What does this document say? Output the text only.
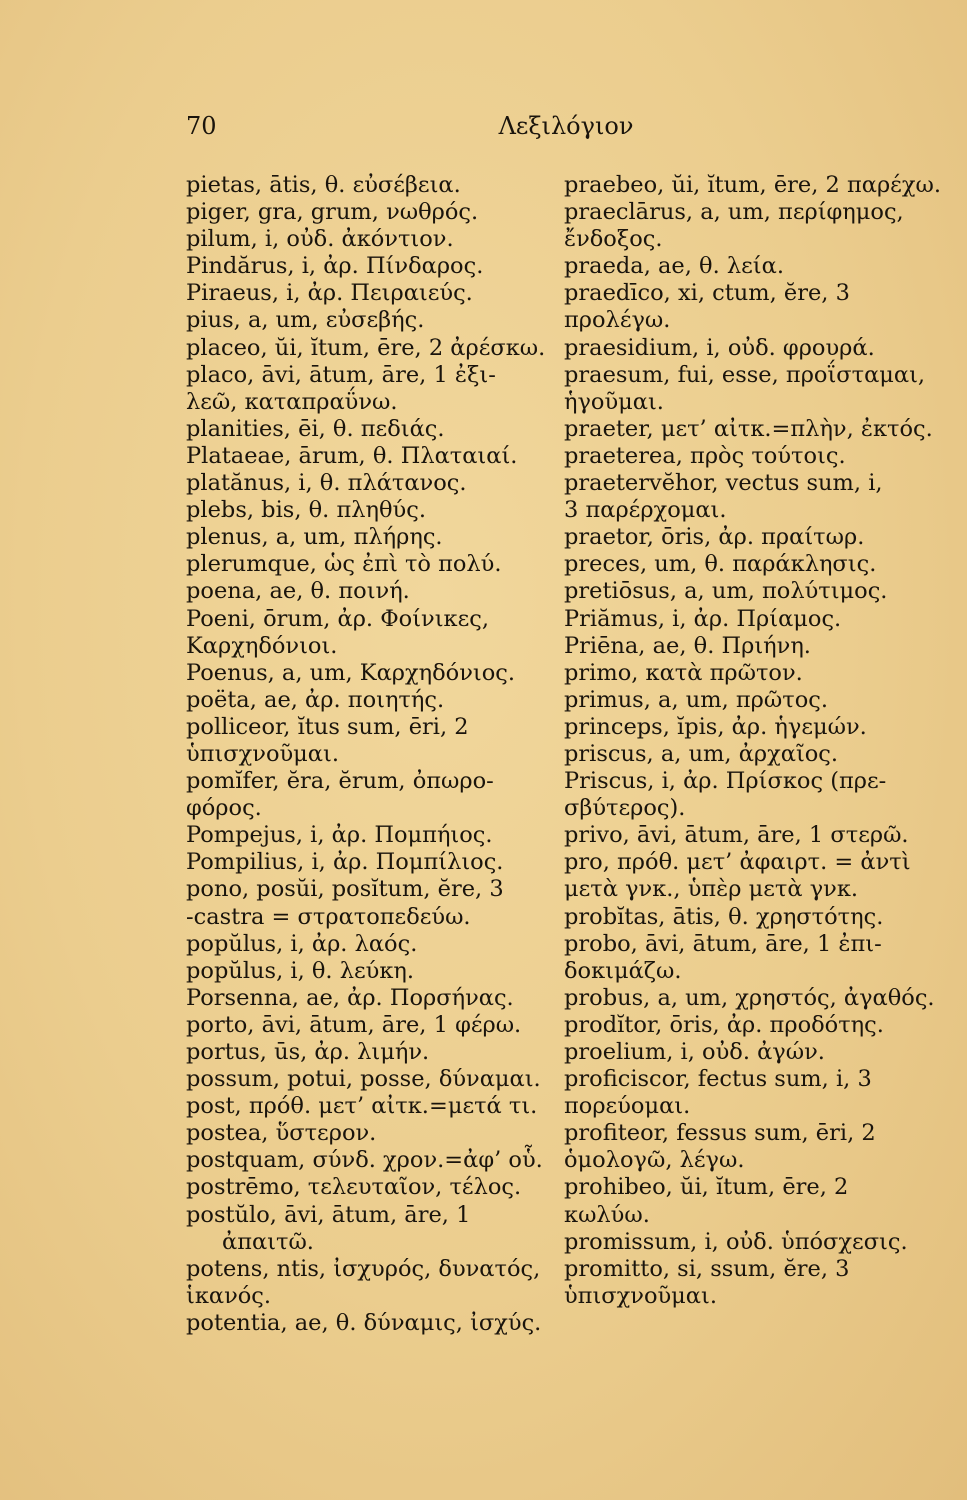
70	Λεξιλόγιον

pietas, ātis, θ. εὐσέβεια.

piger, gra, grum, νωθρός.

pilum, i, οὐδ. ἀκόντιον.

Pindărus, i, ἀρ. Πίνδαρος.

Piraeus, i, ἀρ. Πειραιεύς.

pius, a, um, εὐσεβής.

placeo, ŭi, ĭtum, ēre, 2 ἀρέσκω.

placo, āvi, ātum, āre, 1 ἐξι-
λεῶ, καταπραΰνω.

planities, ēi, θ. πεδιάς.

Plataeae, ārum, θ. Πλαταιαί.

platănus, i, θ. πλάτανος.

plebs, bis, θ. πληθύς.

plenus, a, um, πλήρης.

plerumque, ὡς ἐπὶ τὸ πολύ.

poena, ae, θ. ποινή.

Poeni, ōrum, ἀρ. Φοίνικες,
Καρχηδόνιοι.

Poenus, a, um, Καρχηδόνιος.

poëta, ae, ἀρ. ποιητής.

polliceor, ĭtus sum, ēri, 2
ὑπισχνοῦμαι.

pomĭfer, ĕra, ĕrum, ὀπωρο-
φόρος.

Pompejus, i, ἀρ. Πομπήιος.

Pompilius, i, ἀρ. Πομπίλιος.

pono, posŭi, posĭtum, ĕre, 3
-castra = στρατοπεδεύω.

popŭlus, i, ἀρ. λαός.

popŭlus, i, θ. λεύκη.

Porsenna, ae, ἀρ. Πορσήνας.

porto, āvi, ātum, āre, 1 φέρω.

portus, ūs, ἀρ. λιμήν.

possum, potui, posse, δύναμαι.

post, πρόθ. μετ’ αἰτκ.=μετά τι.

postea, ὕστερον.

postquam, σύνδ. χρον.=ἀφ’ οὗ.

postrēmo, τελευταῖον, τέλος.

postŭlo, āvi, ātum, āre, 1 ἀπαιτῶ.

potens, ntis, ἰσχυρός, δυνατός,
ἱκανός.

potentia, ae, θ. δύναμις, ἰσχύς.

praebeo, ŭi, ĭtum, ēre, 2 παρέχω.

praeclārus, a, um, περίφημος,
ἔνδοξος.

praeda, ae, θ. λεία.

praedīco, xi, ctum, ĕre, 3
προλέγω.

praesidium, i, οὐδ. φρουρά.

praesum, fui, esse, προΐσταμαι,
ἡγοῦμαι.

praeter, μετ’ αἰτκ.=πλὴν, ἐκτός.

praeterea, πρὸς τούτοις.

praetervĕhor, vectus sum, i,
3 παρέρχομαι.

praetor, ōris, ἀρ. πραίτωρ.

preces, um, θ. παράκλησις.

pretiōsus, a, um, πολύτιμος.

Priămus, i, ἀρ. Πρίαμος.

Priēna, ae, θ. Πριήνη.

primo, κατὰ πρῶτον.

primus, a, um, πρῶτος.

princeps, ĭpis, ἀρ. ἡγεμών.

priscus, a, um, ἀρχαῖος.

Priscus, i, ἀρ. Πρίσκος (πρε-
σβύτερος).

privo, āvi, ātum, āre, 1 στερῶ.

pro, πρόθ. μετ’ ἀφαιρτ. = ἀντὶ
μετὰ γνκ., ὑπὲρ μετὰ γνκ.

probĭtas, ātis, θ. χρηστότης.

probo, āvi, ātum, āre, 1 ἐπι-
δοκιμάζω.

probus, a, um, χρηστός, ἀγαθός.

prodĭtor, ōris, ἀρ. προδότης.

proelium, i, οὐδ. ἀγών.

proficiscor, fectus sum, i, 3
πορεύομαι.

profiteor, fessus sum, ēri, 2
ὁμολογῶ, λέγω.

prohibeo, ŭi, ĭtum, ēre, 2
κωλύω.

promissum, i, οὐδ. ὑπόσχεσις.

promitto, si, ssum, ĕre, 3
ὑπισχνοῦμαι.
